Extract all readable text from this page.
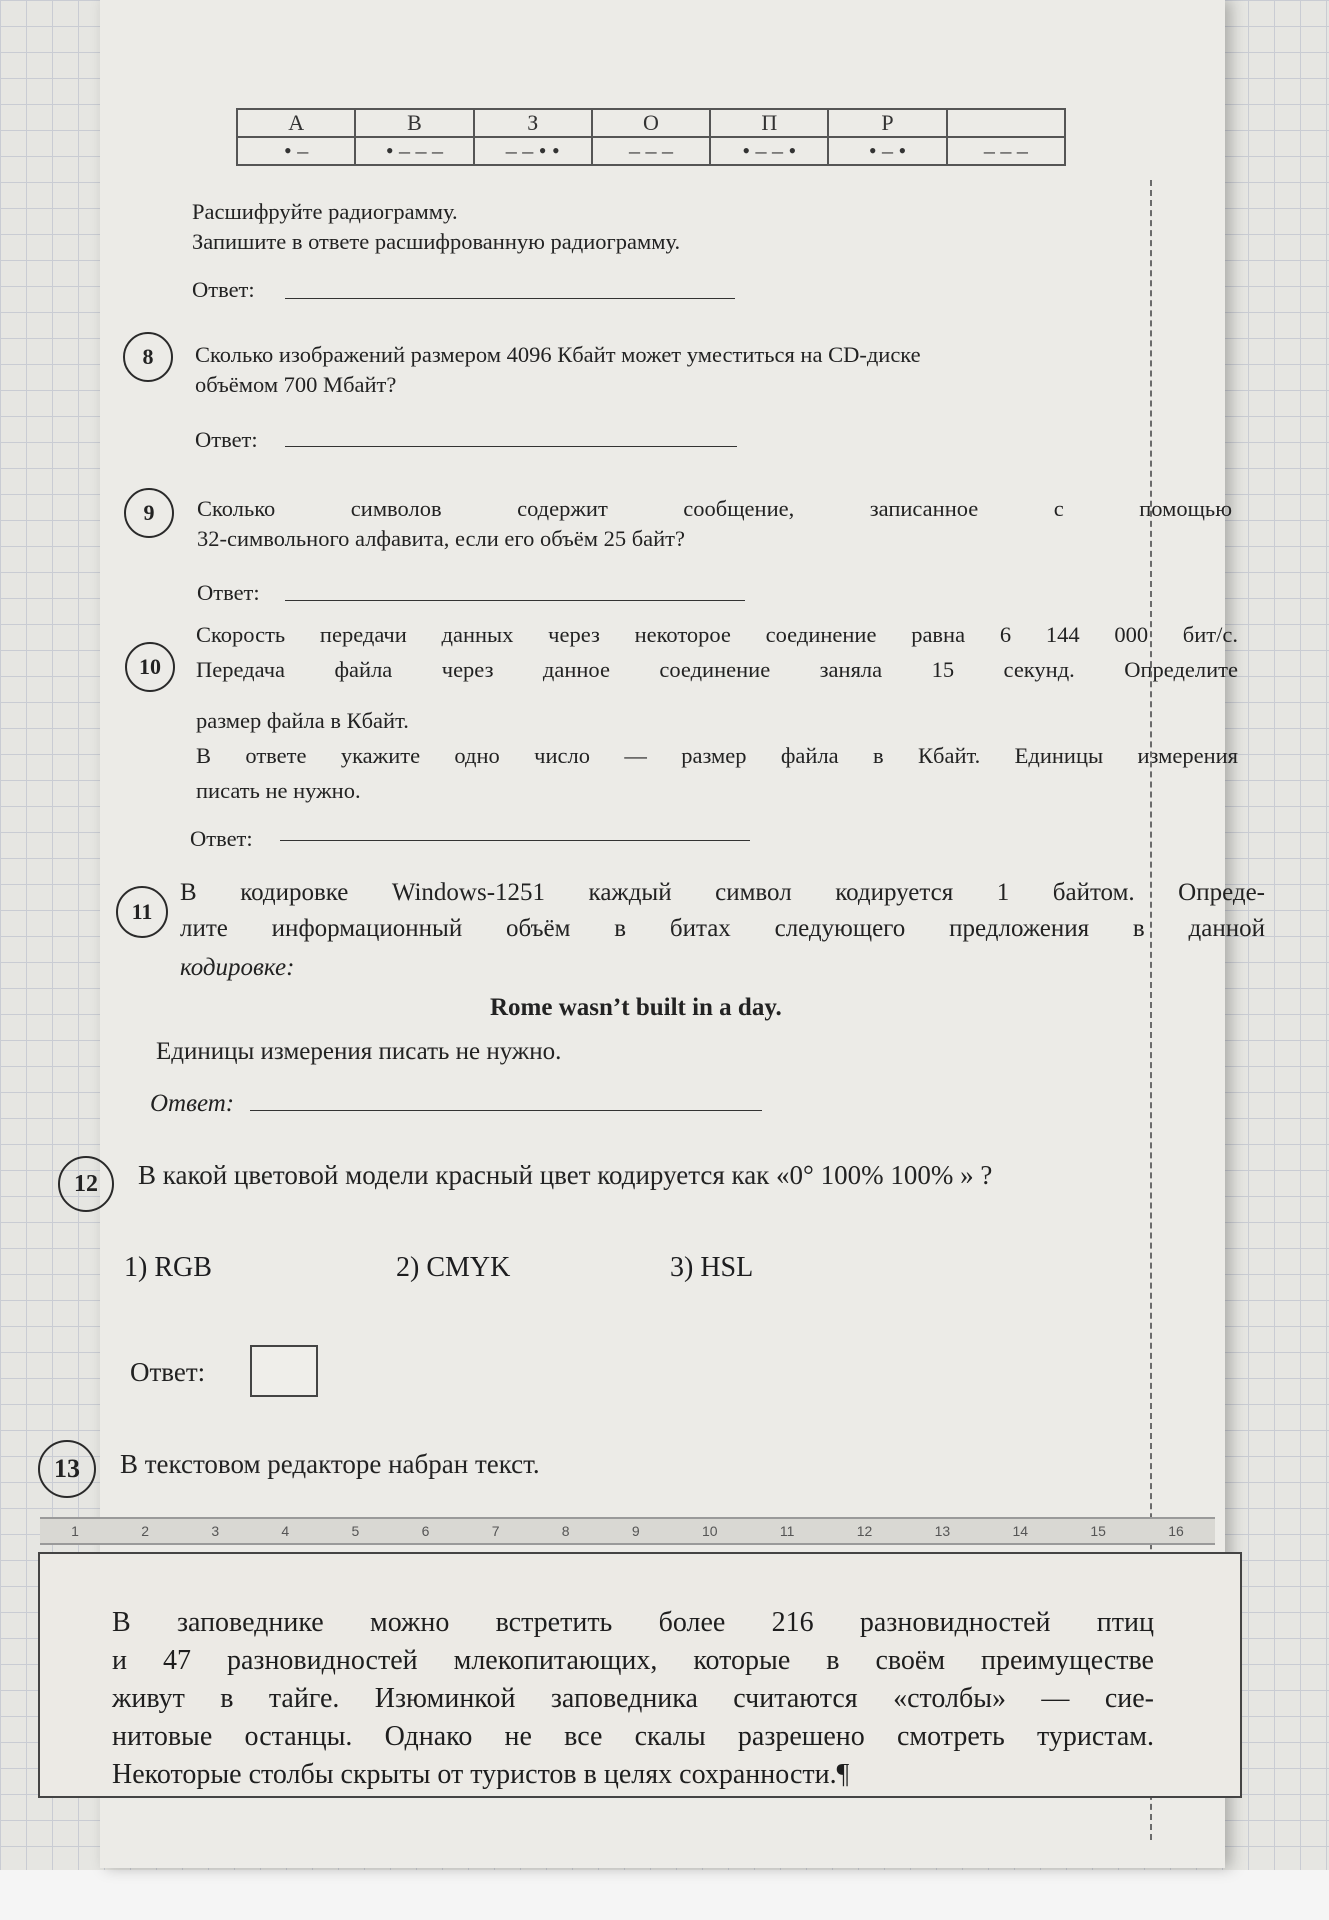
А	В	З	О	П	Р	
• –	• – – –	– – • •	– – –	• – – •	• – •	– – –
Расшифруйте радиограмму.
Запишите в ответе расшифрованную радиограмму.
Ответ:
8	Сколько изображений размером 4096 Кбайт может уместиться на CD-диске
объёмом 700 Мбайт?
Ответ:
9	Сколько символов содержит сообщение, записанное с помощью
32-символьного алфавита, если его объём 25 байт?
Ответ:
10
Скорость передачи данных через некоторое соединение равна 6 144 000 бит/с.
Передача файла через данное соединение заняла 15 секунд. Определите
размер файла в Кбайт.
В ответе укажите одно число — размер файла в Кбайт. Единицы измерения
писать не нужно.
Ответ:
11
В кодировке Windows-1251 каждый символ кодируется 1 байтом. Опреде-
лите информационный объём в битах следующего предложения в данной
кодировке:
Rome wasn’t built in a day.
Единицы измерения писать не нужно.
Ответ:
12	В какой цветовой модели красный цвет кодируется как «0° 100% 100% » ?
1) RGB	2) CMYK	3) HSL
Ответ:
13	В текстовом редакторе набран текст.
1	2	3	4	5	6	7	8	9	10	11	12	13	14	15	16
В заповеднике можно встретить более 216 разновидностей птиц
и 47 разновидностей млекопитающих, которые в своём преимуществе
живут в тайге. Изюминкой заповедника считаются «столбы» — сие-
нитовые останцы. Однако не все скалы разрешено смотреть туристам.
Некоторые столбы скрыты от туристов в целях сохранности.¶
